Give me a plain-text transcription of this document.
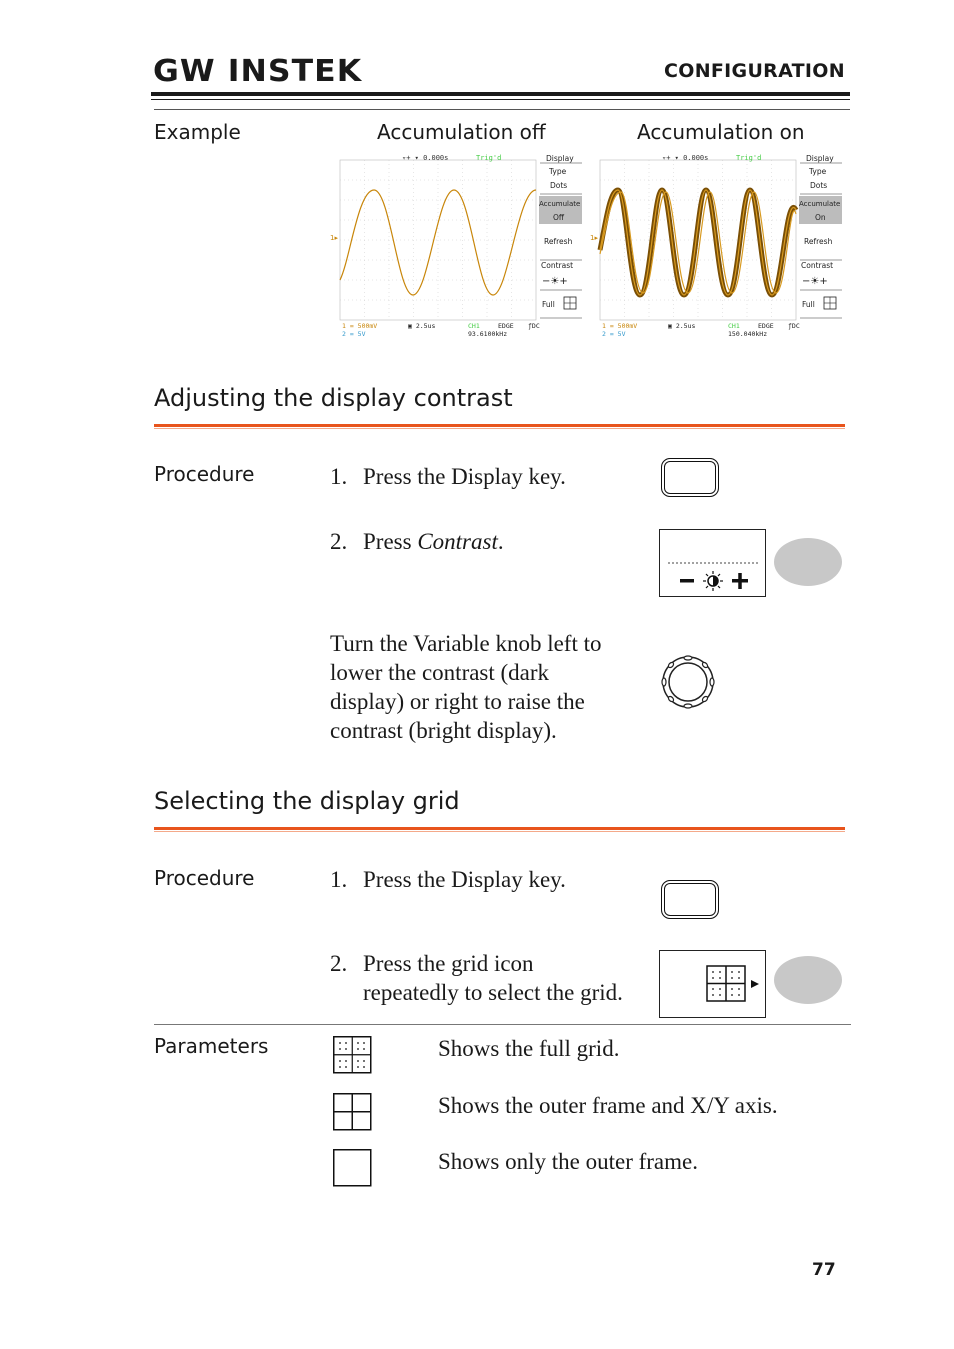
GW INSTEK	CONFIGURATION
Example	Accumulation off	Accumulation on
1▸
▿+ ▾ 0.000s	Trig'd	Display
Type
Dots
Accumulate
Off
Refresh
Contrast
−☀+
Full
1 = 500mV
2 = 5V
▣ 2.5us	CH1	EDGE ƒDC
93.6100kHz
1▸
▿+ ▾ 0.000s	Trig'd	Display
Type
Dots
Accumulate
On
Refresh
Contrast
−☀+
Full
1 = 500mV
2 = 5V
▣ 2.5us	CH1	EDGE ƒDC
150.040kHz
Adjusting the display contrast
Procedure	1. Press the Display key.
2. Press Contrast.
Turn the Variable knob left to
lower the contrast (dark
display) or right to raise the
contrast (bright display).
Selecting the display grid
Procedure	1. Press the Display key.
2. Press the grid icon
repeatedly to select the grid.
Parameters	Shows the full grid.
Shows the outer frame and X/Y axis.
Shows only the outer frame.
77
